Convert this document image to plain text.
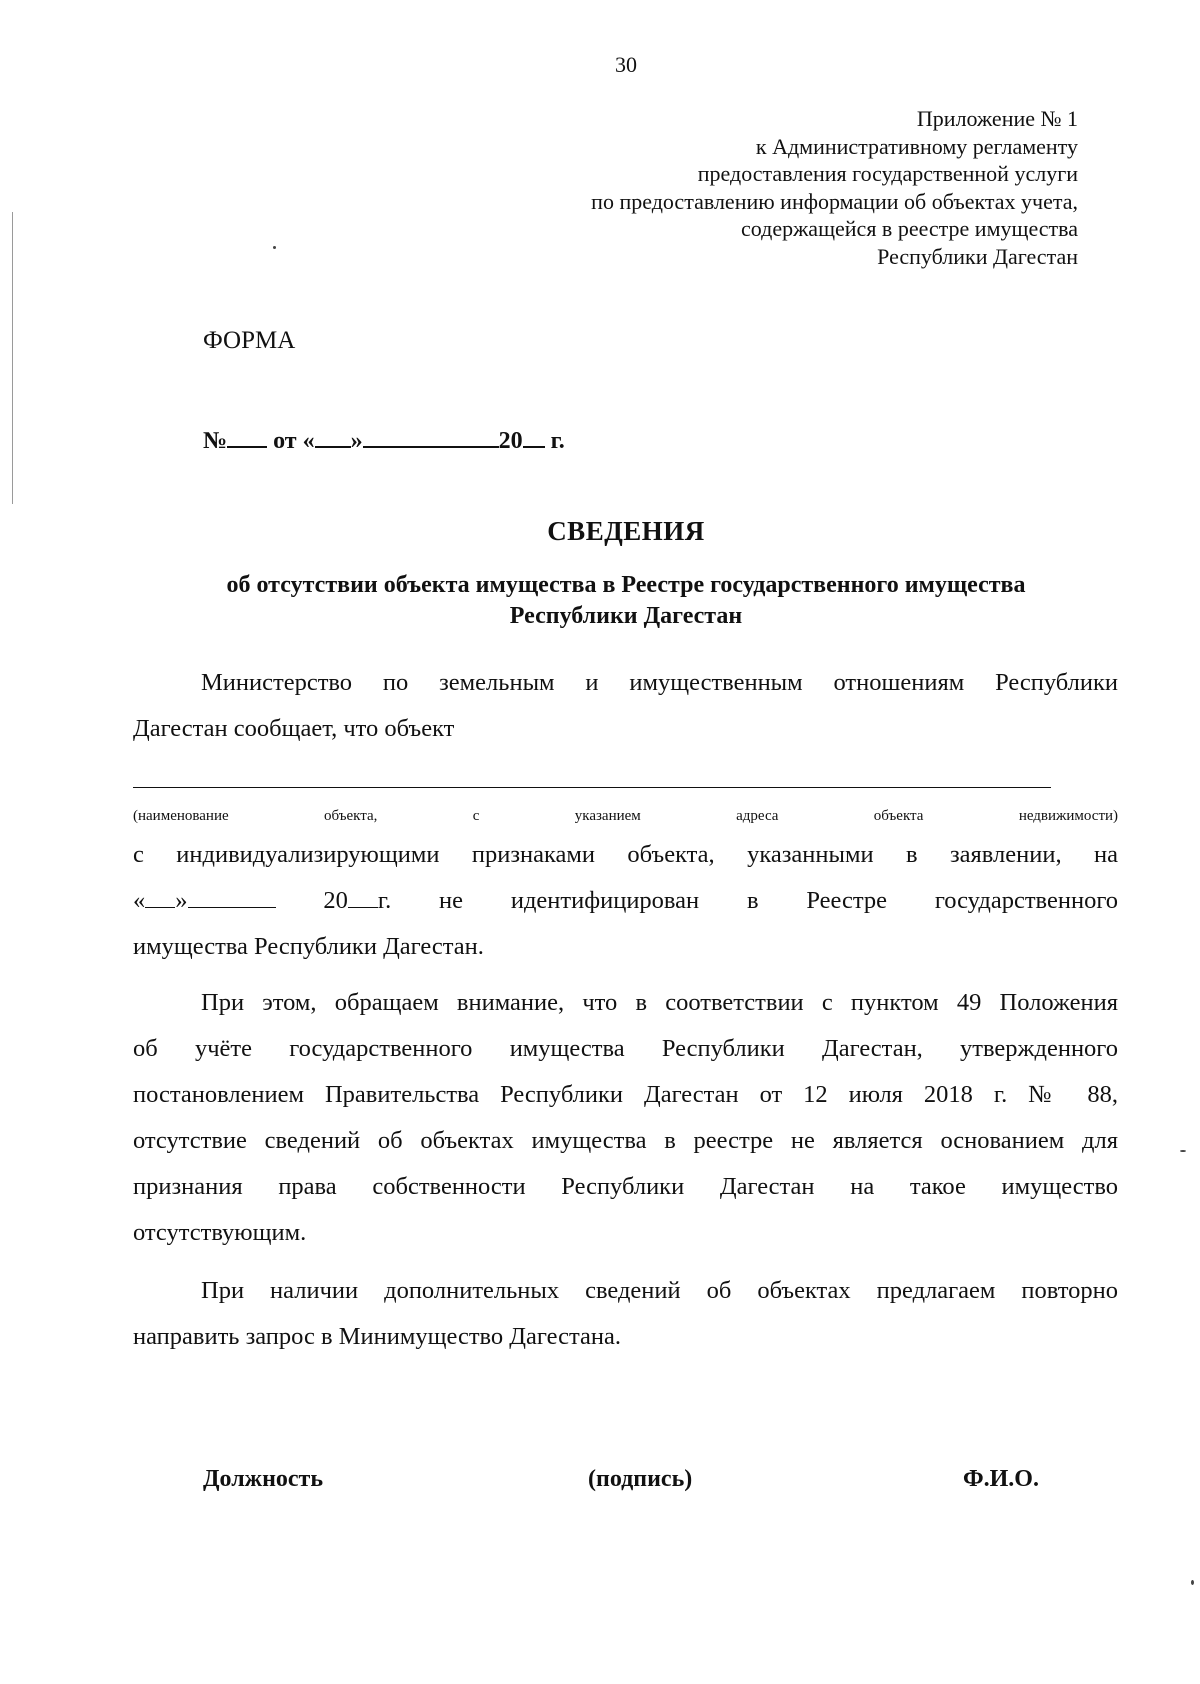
30
Приложение № 1
к Административному регламенту
предоставления государственной услуги
по предоставлению информации об объектах учета,
содержащейся в реестре имущества
Республики Дагестан
ФОРМА
№ от « »	20 г.
СВЕДЕНИЯ
об отсутствии объекта имущества в Реестре государственного имущества
Республики Дагестан
Министерство по земельным и имущественным отношениям Республики
Дагестан сообщает, что объект
(наименование	объекта,	с	указанием	адреса	объекта	недвижимости)
с индивидуализирующими признаками объекта, указанными в заявлении, на
« »	20 г. не идентифицирован в Реестре государственного
имущества Республики Дагестан.
При этом, обращаем внимание, что в соответствии с пунктом 49 Положения
об учёте государственного имущества Республики Дагестан, утвержденного
постановлением Правительства Республики Дагестан от 12 июля 2018 г. № 88,
отсутствие сведений об объектах имущества в реестре не является основанием для
признания права собственности Республики Дагестан на такое имущество
отсутствующим.
При наличии дополнительных сведений об объектах предлагаем повторно
направить запрос в Минимущество Дагестана.
Должность	(подпись)	Ф.И.О.
